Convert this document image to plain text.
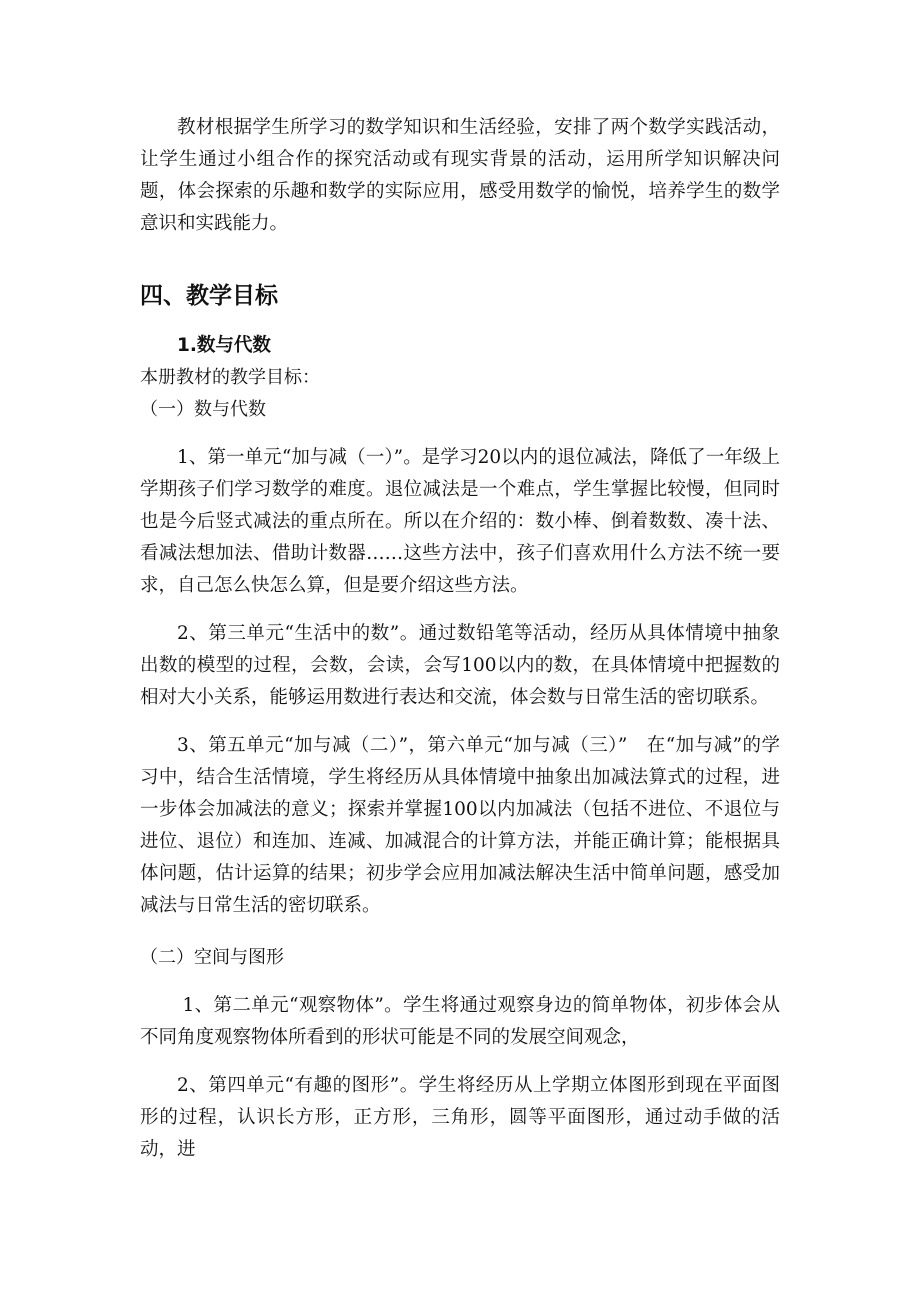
教材根据学生所学习的数学知识和生活经验，安排了两个数学实践活动，让学生通过小组合作的探究活动或有现实背景的活动，运用所学知识解决问题，体会探索的乐趣和数学的实际应用，感受用数学的愉悦，培养学生的数学意识和实践能力。

四、教学目标

1.数与代数

本册教材的教学目标：

（一）数与代数

1、第一单元“加与减（一）”。是学习20以内的退位减法，降低了一年级上学期孩子们学习数学的难度。退位减法是一个难点，学生掌握比较慢，但同时也是今后竖式减法的重点所在。所以在介绍的：数小棒、倒着数数、凑十法、看减法想加法、借助计数器……这些方法中，孩子们喜欢用什么方法不统一要求，自己怎么快怎么算，但是要介绍这些方法。

2、第三单元“生活中的数”。通过数铅笔等活动，经历从具体情境中抽象出数的模型的过程，会数，会读，会写100以内的数，在具体情境中把握数的相对大小关系，能够运用数进行表达和交流，体会数与日常生活的密切联系。

3、第五单元“加与减（二）”，第六单元“加与减（三）”　在“加与减”的学习中，结合生活情境，学生将经历从具体情境中抽象出加减法算式的过程，进一步体会加减法的意义；探索并掌握100以内加减法（包括不进位、不退位与进位、退位）和连加、连减、加减混合的计算方法，并能正确计算；能根据具体问题，估计运算的结果；初步学会应用加减法解决生活中简单问题，感受加减法与日常生活的密切联系。

（二）空间与图形

1、第二单元“观察物体”。学生将通过观察身边的简单物体，初步体会从不同角度观察物体所看到的形状可能是不同的发展空间观念，

2、第四单元“有趣的图形”。学生将经历从上学期立体图形到现在平面图形的过程，认识长方形，正方形，三角形，圆等平面图形，通过动手做的活动，进
